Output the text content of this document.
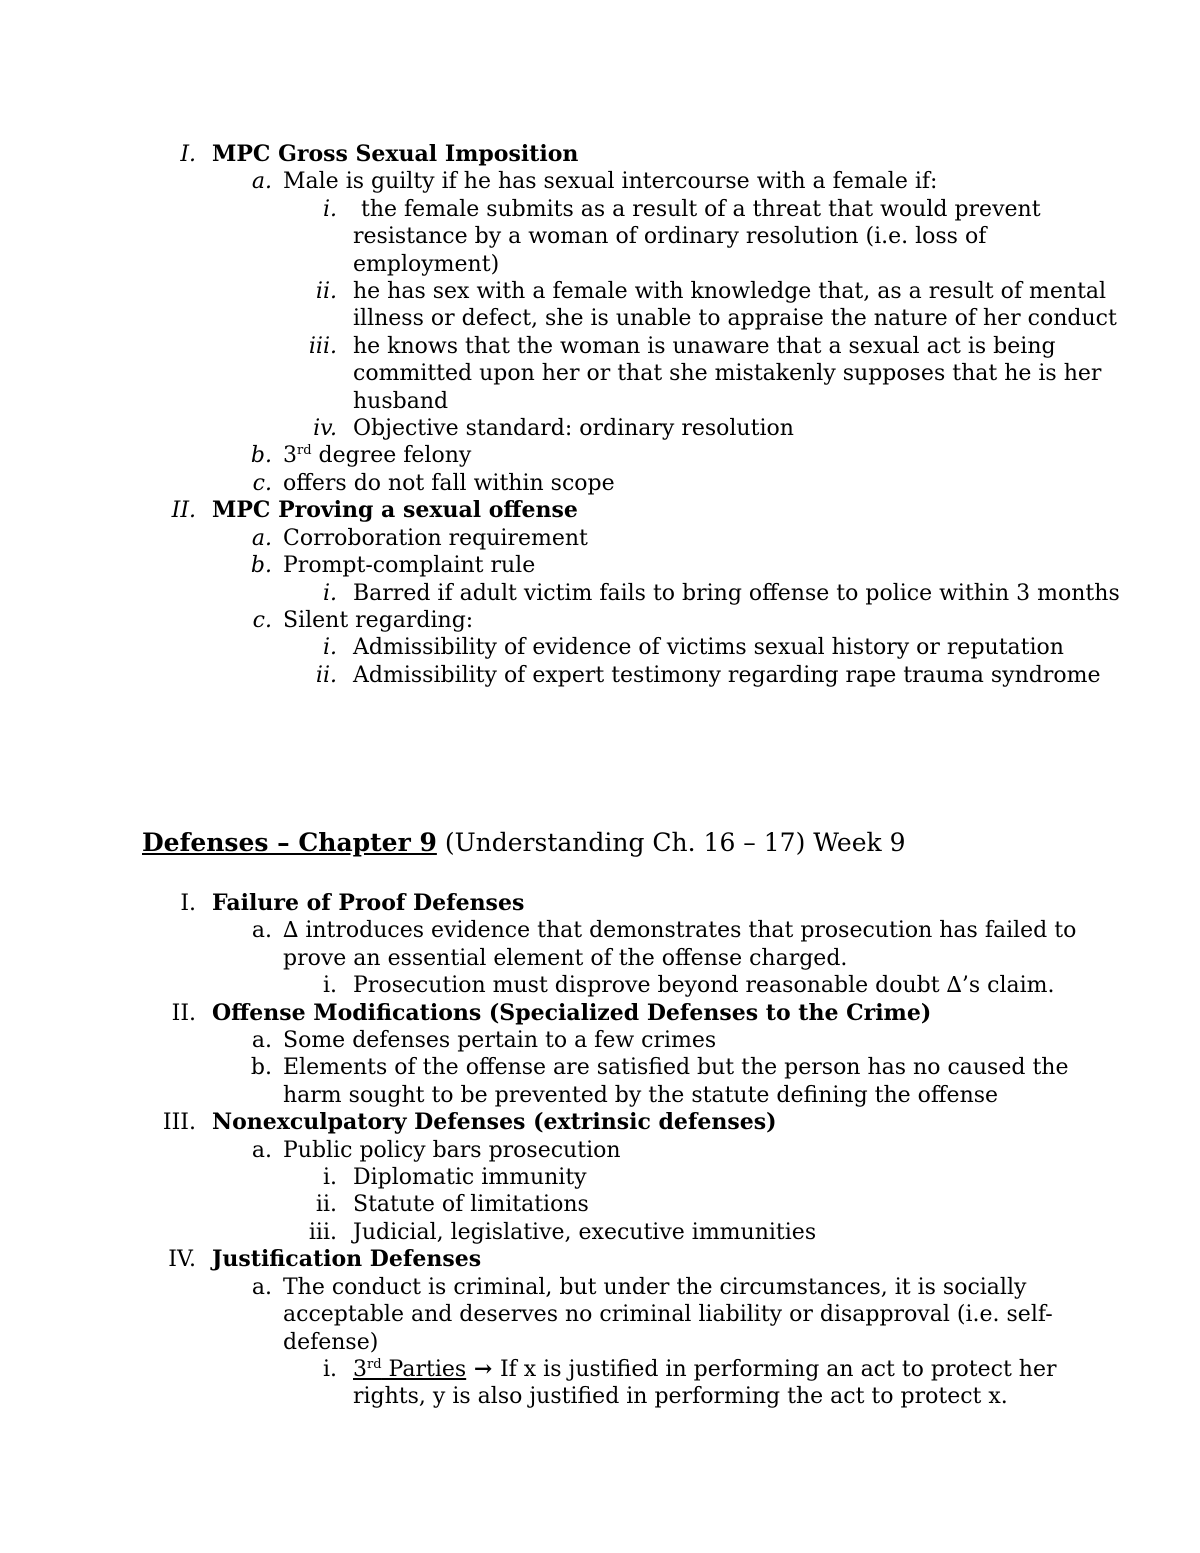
I. MPC Gross Sexual Imposition
a. Male is guilty if he has sexual intercourse with a female if:
i.	the female submits as a result of a threat that would prevent resistance by a woman of ordinary resolution (i.e. loss of employment)
ii. he has sex with a female with knowledge that, as a result of mental illness or defect, she is unable to appraise the nature of her conduct
iii. he knows that the woman is unaware that a sexual act is being committed upon her or that she mistakenly supposes that he is her husband
iv. Objective standard: ordinary resolution
b. 3rd degree felony
c. offers do not fall within scope
II. MPC Proving a sexual offense
a. Corroboration requirement
b. Prompt-complaint rule
i. Barred if adult victim fails to bring offense to police within 3 months
c. Silent regarding:
i. Admissibility of evidence of victims sexual history or reputation
ii. Admissibility of expert testimony regarding rape trauma syndrome
Defenses – Chapter 9 (Understanding Ch. 16 – 17) Week 9
I. Failure of Proof Defenses
a. ∆ introduces evidence that demonstrates that prosecution has failed to prove an essential element of the offense charged.
i. Prosecution must disprove beyond reasonable doubt ∆’s claim.
II. Offense Modifications (Specialized Defenses to the Crime)
a. Some defenses pertain to a few crimes
b. Elements of the offense are satisfied but the person has no caused the harm sought to be prevented by the statute defining the offense
III. Nonexculpatory Defenses (extrinsic defenses)
a. Public policy bars prosecution
i. Diplomatic immunity
ii. Statute of limitations
iii. Judicial, legislative, executive immunities
IV. Justification Defenses
a. The conduct is criminal, but under the circumstances, it is socially acceptable and deserves no criminal liability or disapproval (i.e. self-defense)
i. 3rd Parties → If x is justified in performing an act to protect her rights, y is also justified in performing the act to protect x.
